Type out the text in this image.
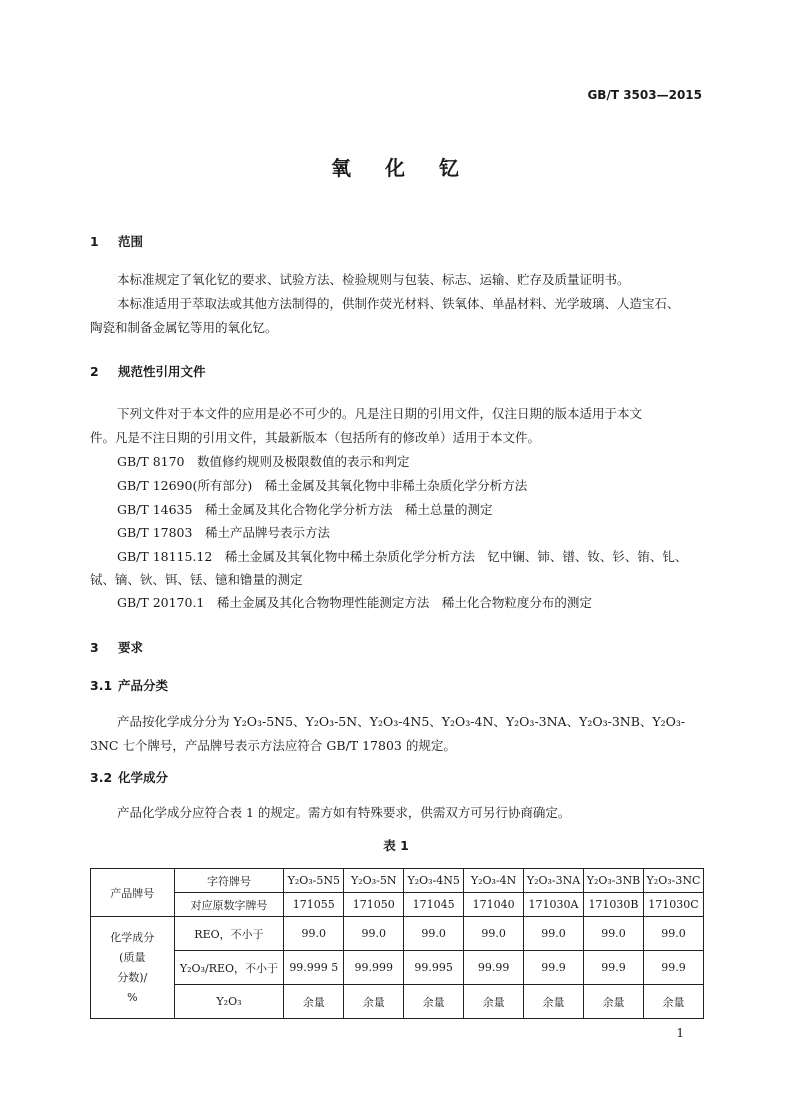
GB/T 3503—2015
氧 化 钇
1 范围
本标准规定了氧化钇的要求、试验方法、检验规则与包装、标志、运输、贮存及质量证明书。
本标准适用于萃取法或其他方法制得的，供制作荧光材料、铁氧体、单晶材料、光学玻璃、人造宝石、
陶瓷和制备金属钇等用的氧化钇。
2 规范性引用文件
下列文件对于本文件的应用是必不可少的。凡是注日期的引用文件，仅注日期的版本适用于本文
件。凡是不注日期的引用文件，其最新版本（包括所有的修改单）适用于本文件。
GB/T 8170　数值修约规则及极限数值的表示和判定
GB/T 12690(所有部分)　稀土金属及其氧化物中非稀土杂质化学分析方法
GB/T 14635　稀土金属及其化合物化学分析方法　稀土总量的测定
GB/T 17803　稀土产品牌号表示方法
GB/T 18115.12　稀土金属及其氧化物中稀土杂质化学分析方法　钇中镧、铈、镨、钕、钐、铕、钆、
铽、镝、钬、铒、铥、镱和镥量的测定
GB/T 20170.1　稀土金属及其化合物物理性能测定方法　稀土化合物粒度分布的测定
3 要求
3.1 产品分类
产品按化学成分分为 Y₂O₃-5N5、Y₂O₃-5N、Y₂O₃-4N5、Y₂O₃-4N、Y₂O₃-3NA、Y₂O₃-3NB、Y₂O₃-
3NC 七个牌号，产品牌号表示方法应符合 GB/T 17803 的规定。
3.2 化学成分
产品化学成分应符合表 1 的规定。需方如有特殊要求，供需双方可另行协商确定。
表 1
产品牌号	字符牌号	Y₂O₃-5N5	Y₂O₃-5N	Y₂O₃-4N5	Y₂O₃-4N	Y₂O₃-3NA	Y₂O₃-3NB	Y₂O₃-3NC
	对应原数字牌号	171055	171050	171045	171040	171030A	171030B	171030C

化学成分
(质量
分数)/
%	REO，不小于	99.0	99.0	99.0	99.0	99.0	99.0	99.0
	Y₂O₃/REO，不小于	99.999 5	99.999	99.995	99.99	99.9	99.9	99.9
	Y₂O₃	余量	余量	余量	余量	余量	余量	余量
1
